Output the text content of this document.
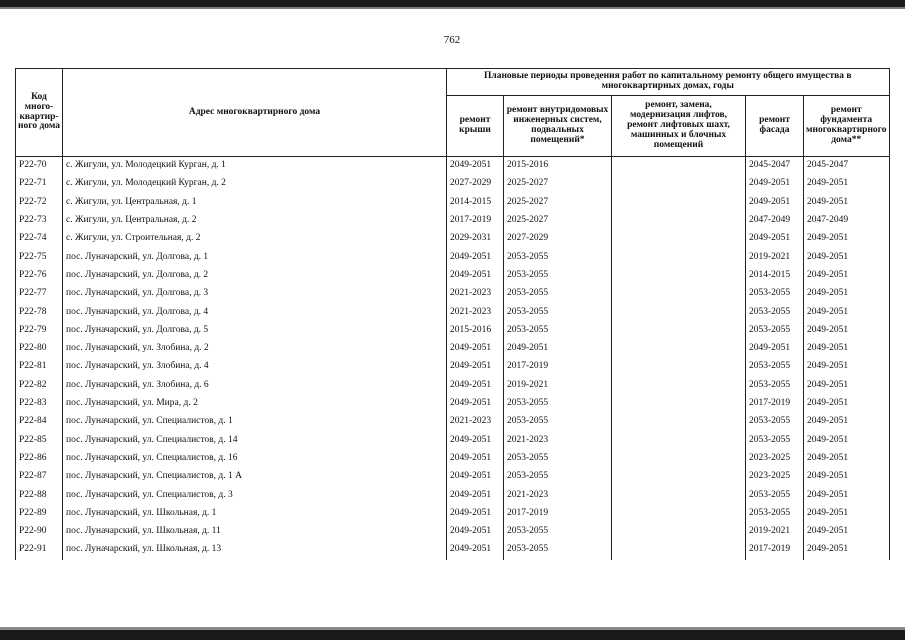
762
Код много-квартир-ного дома	Адрес многоквартирного дома	Плановые периоды проведения работ по капитальному ремонту общего имущества в многоквартирных домах, годы				
		ремонт крыши	ремонт внутридомовых инженерных систем, подвальных помещений*	ремонт, замена, модернизация лифтов, ремонт лифтовых шахт, машинных и блочных помещений	ремонт фасада	ремонт фундамента многоквартирного дома**
P22-70	с. Жигули, ул. Молодецкий Курган, д. 1	2049-2051	2015-2016		2045-2047	2045-2047
P22-71	с. Жигули, ул. Молодецкий Курган, д. 2	2027-2029	2025-2027		2049-2051	2049-2051
P22-72	с. Жигули, ул. Центральная, д. 1	2014-2015	2025-2027		2049-2051	2049-2051
P22-73	с. Жигули, ул. Центральная, д. 2	2017-2019	2025-2027		2047-2049	2047-2049
P22-74	с. Жигули, ул. Строительная, д. 2	2029-2031	2027-2029		2049-2051	2049-2051
P22-75	пос. Луначарский, ул. Долгова, д. 1	2049-2051	2053-2055		2019-2021	2049-2051
P22-76	пос. Луначарский, ул. Долгова, д. 2	2049-2051	2053-2055		2014-2015	2049-2051
P22-77	пос. Луначарский, ул. Долгова, д. 3	2021-2023	2053-2055		2053-2055	2049-2051
P22-78	пос. Луначарский, ул. Долгова, д. 4	2021-2023	2053-2055		2053-2055	2049-2051
P22-79	пос. Луначарский, ул. Долгова, д. 5	2015-2016	2053-2055		2053-2055	2049-2051
P22-80	пос. Луначарский, ул. Злобина, д. 2	2049-2051	2049-2051		2049-2051	2049-2051
P22-81	пос. Луначарский, ул. Злобина, д. 4	2049-2051	2017-2019		2053-2055	2049-2051
P22-82	пос. Луначарский, ул. Злобина, д. 6	2049-2051	2019-2021		2053-2055	2049-2051
P22-83	пос. Луначарский, ул. Мира, д. 2	2049-2051	2053-2055		2017-2019	2049-2051
P22-84	пос. Луначарский, ул. Специалистов, д. 1	2021-2023	2053-2055		2053-2055	2049-2051
P22-85	пос. Луначарский, ул. Специалистов, д. 14	2049-2051	2021-2023		2053-2055	2049-2051
P22-86	пос. Луначарский, ул. Специалистов, д. 16	2049-2051	2053-2055		2023-2025	2049-2051
P22-87	пос. Луначарский, ул. Специалистов, д. 1 А	2049-2051	2053-2055		2023-2025	2049-2051
P22-88	пос. Луначарский, ул. Специалистов, д. 3	2049-2051	2021-2023		2053-2055	2049-2051
P22-89	пос. Луначарский, ул. Школьная, д. 1	2049-2051	2017-2019		2053-2055	2049-2051
P22-90	пос. Луначарский, ул. Школьная, д. 11	2049-2051	2053-2055		2019-2021	2049-2051
P22-91	пос. Луначарский, ул. Школьная, д. 13	2049-2051	2053-2055		2017-2019	2049-2051
